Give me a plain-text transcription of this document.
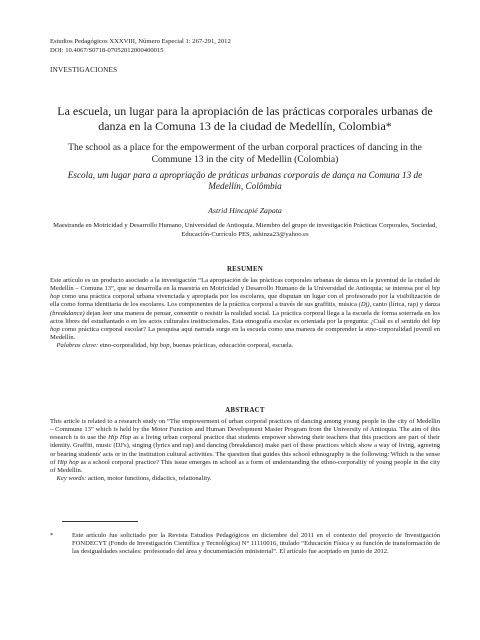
Estudios Pedagógicos XXXVIII, Número Especial 1: 267-291, 2012
DOI: 10.4067/S0718-07052012000400015
INVESTIGACIONES
La escuela, un lugar para la apropiación de las prácticas corporales urbanas de danza en la Comuna 13 de la ciudad de Medellín, Colombia*
The school as a place for the empowerment of the urban corporal practices of dancing in the Commune 13 in the city of Medellin (Colombia)
Escola, um lugar para a apropriação de práticas urbanas corporais de dança na Comuna 13 de Medellín, Colômbia
Astrid Hincapié Zapata
Maestranda en Motricidad y Desarrollo Humano, Universidad de Antioquia. Miembro del grupo de investigación Prácticas Corporales, Sociedad, Educación-Currículo PES, ashinza23@yahoo.es
RESUMEN
Este artículo es un producto asociado a la investigación “La apropiación de las prácticas corporales urbanas de danza en la juventud de la ciudad de Medellín – Comuna 13”, que se desarrolla en la maestría en Motricidad y Desarrollo Humano de la Universidad de Antioquia; se interesa por el hip hop como una práctica corporal urbana vivenciada y apropiada por los escolares, que disputan un lugar con el profesorado por la visibilización de ella como forma identitaria de los escolares. Los componentes de la práctica corporal a través de sus graffitis, música (Dj), canto (lírica, rap) y danza (breakdance) dejan leer una manera de pensar, consentir o resistir la realidad social. La práctica corporal llega a la escuela de forma soterrada en los actos libres del estudiantado o en los actos culturales institucionales. Esta etnografía escolar es orientada por la pregunta: ¿Cuál es el sentido del hip hop como práctica corporal escolar? La pesquisa aquí narrada surge en la escuela como una manera de comprender la etno-corporalidad juvenil en Medellín.
Palabras clave: etno-corporalidad, hip hop, buenas prácticas, educación corporal, escuela.
ABSTRACT
This article is related to a research study on “The empowerment of urban corporal practices of dancing among young people in the city of Medellin – Commune 13” which is held by the Motor Function and Human Development Master Program from the University of Antioquia. The aim of this research is to use the Hip Hop as a living urban corporal practice that students empower showing their teachers that this practices are part of their identity. Graffiti, music (DJ's), singing (lyrics and rap) and dancing (breakdance) make part of these practices which show a way of living, agreeing or bearing students' acts or in the institution cultural activities. The question that guides this school ethnography is the following: Which is the sense of Hip hop as a school corporal practice? This issue emerges in school as a form of understanding the ethno-corporality of young people in the city of Medellin.
Key words: action, motor functions, didactics, relationality.
*	Este artículo fue solicitado por la Revista Estudios Pedagógicos en diciembre del 2011 en el contexto del proyecto de Investigación FONDECYT (Fondo de Investigación Científica y Tecnológica) N° 11110016, titulado “Educación Física y su función de transformación de las desigualdades sociales: profesorado del área y documentación ministerial”. El artículo fue aceptado en junio de 2012.
